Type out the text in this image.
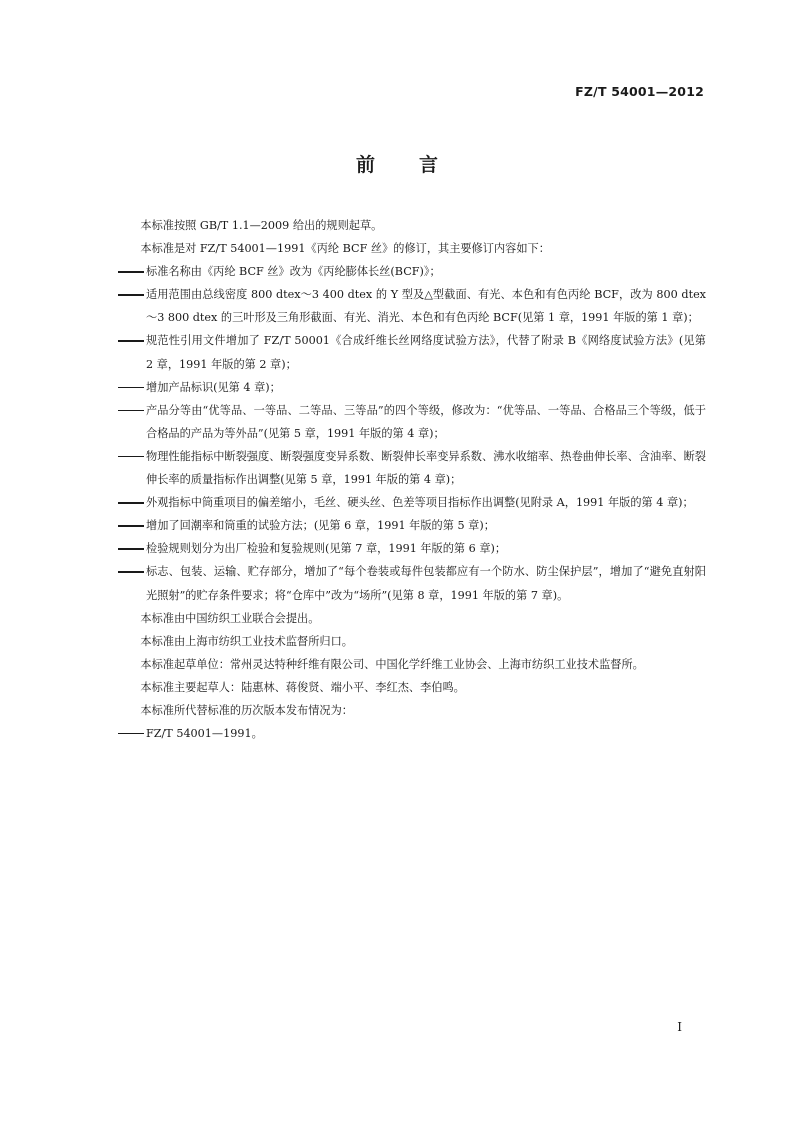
FZ/T 54001—2012
前言

本标准按照 GB/T 1.1—2009 给出的规则起草。

本标准是对 FZ/T 54001—1991《丙纶 BCF 丝》的修订，其主要修订内容如下：

标准名称由《丙纶 BCF 丝》改为《丙纶膨体长丝(BCF)》；

适用范围由总线密度 800 dtex～3 400 dtex 的 Y 型及△型截面、有光、本色和有色丙纶 BCF，改为 800 dtex～3 800 dtex 的三叶形及三角形截面、有光、消光、本色和有色丙纶 BCF(见第 1 章，1991 年版的第 1 章)；

规范性引用文件增加了 FZ/T 50001《合成纤维长丝网络度试验方法》，代替了附录 B《网络度试验方法》(见第 2 章，1991 年版的第 2 章)；

增加产品标识(见第 4 章)；

产品分等由“优等品、一等品、二等品、三等品”的四个等级，修改为：“优等品、一等品、合格品三个等级，低于合格品的产品为等外品”(见第 5 章，1991 年版的第 4 章)；

物理性能指标中断裂强度、断裂强度变异系数、断裂伸长率变异系数、沸水收缩率、热卷曲伸长率、含油率、断裂伸长率的质量指标作出调整(见第 5 章，1991 年版的第 4 章)；

外观指标中筒重项目的偏差缩小，毛丝、硬头丝、色差等项目指标作出调整(见附录 A，1991 年版的第 4 章)；

增加了回潮率和筒重的试验方法；(见第 6 章，1991 年版的第 5 章)；

检验规则划分为出厂检验和复验规则(见第 7 章，1991 年版的第 6 章)；

标志、包装、运输、贮存部分，增加了“每个卷装或每件包装都应有一个防水、防尘保护层”，增加了“避免直射阳光照射”的贮存条件要求；将“仓库中”改为“场所”(见第 8 章，1991 年版的第 7 章)。

本标准由中国纺织工业联合会提出。

本标准由上海市纺织工业技术监督所归口。

本标准起草单位：常州灵达特种纤维有限公司、中国化学纤维工业协会、上海市纺织工业技术监督所。

本标准主要起草人：陆惠林、蒋俊贤、端小平、李红杰、李伯鸣。

本标准所代替标准的历次版本发布情况为：

FZ/T 54001—1991。

I
